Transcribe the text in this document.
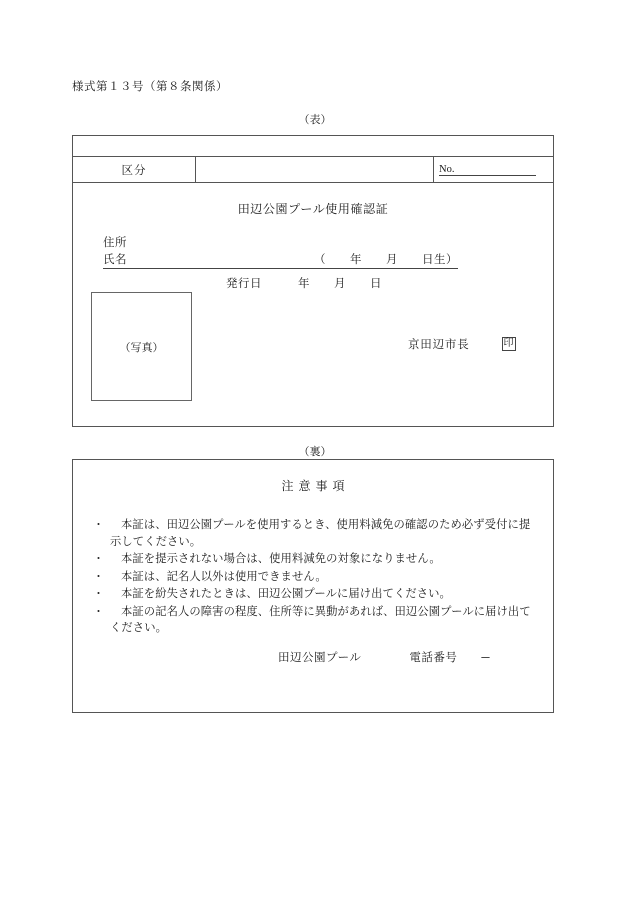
様式第１３号（第８条関係）
（表）
区分	No.
田辺公園プール使用確認証
住所
氏名	（　　年　　月　　日生）
発行日　　　年　　月　　日
（写真）	京田辺市長	印
（裏）
注意事項
・	本証は、田辺公園プールを使用するとき、使用料減免の確認のため必ず受付に提示してください。
・	本証を提示されない場合は、使用料減免の対象になりません。
・	本証は、記名人以外は使用できません。
・	本証を紛失されたときは、田辺公園プールに届け出てください。
・	本証の記名人の障害の程度、住所等に異動があれば、田辺公園プールに届け出てください。
田辺公園プール　　　　電話番号　　─
